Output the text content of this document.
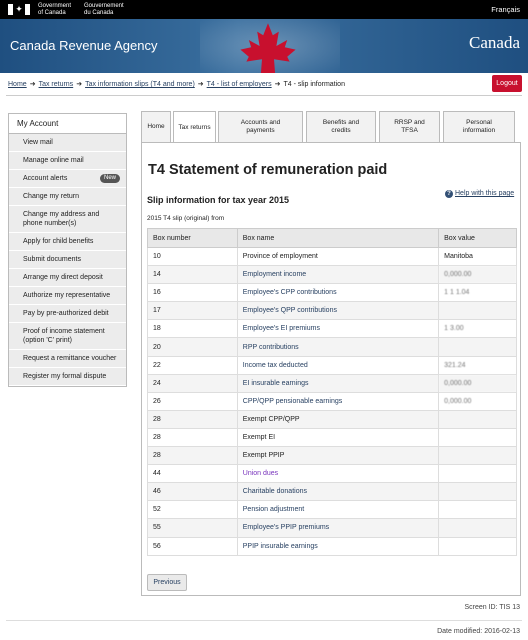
✦	Government
of Canada
Gouvernement
du Canada	Français
Canada Revenue Agency	Canada
Home ➜ Tax returns ➜ Tax information slips (T4 and more) ➜ T4 - list of employers ➜ T4 - slip information	Logout
My Account
View mail
Manage online mail
Account alerts	New
Change my return
Change my address and phone number(s)
Apply for child benefits
Submit documents
Arrange my direct deposit
Authorize my representative
Pay by pre-authorized debit
Proof of income statement (option 'C' print)
Request a remittance voucher
Register my formal dispute
Home	Tax returns
Accounts and payments
Benefits and credits
RRSP and TFSA
Personal information
T4 Statement of remuneration paid
? Help with this page
Slip information for tax year 2015
2015 T4 slip (original) from
Box number	Box name	Box value
10	Province of employment	Manitoba
14	Employment income	0,000.00
16	Employee's CPP contributions	1 1 1.04
17	Employee's QPP contributions	
18	Employee's EI premiums	1 3.00
20	RPP contributions	
22	Income tax deducted	321.24
24	EI insurable earnings	0,000.00
26	CPP/QPP pensionable earnings	0,000.00
28	Exempt CPP/QPP	
28	Exempt EI	
28	Exempt PPIP	
44	Union dues	
46	Charitable donations	
52	Pension adjustment	
55	Employee's PPIP premiums	
56	PPIP insurable earnings	
Previous
Screen ID: TIS 13
Date modified: 2016-02-13
